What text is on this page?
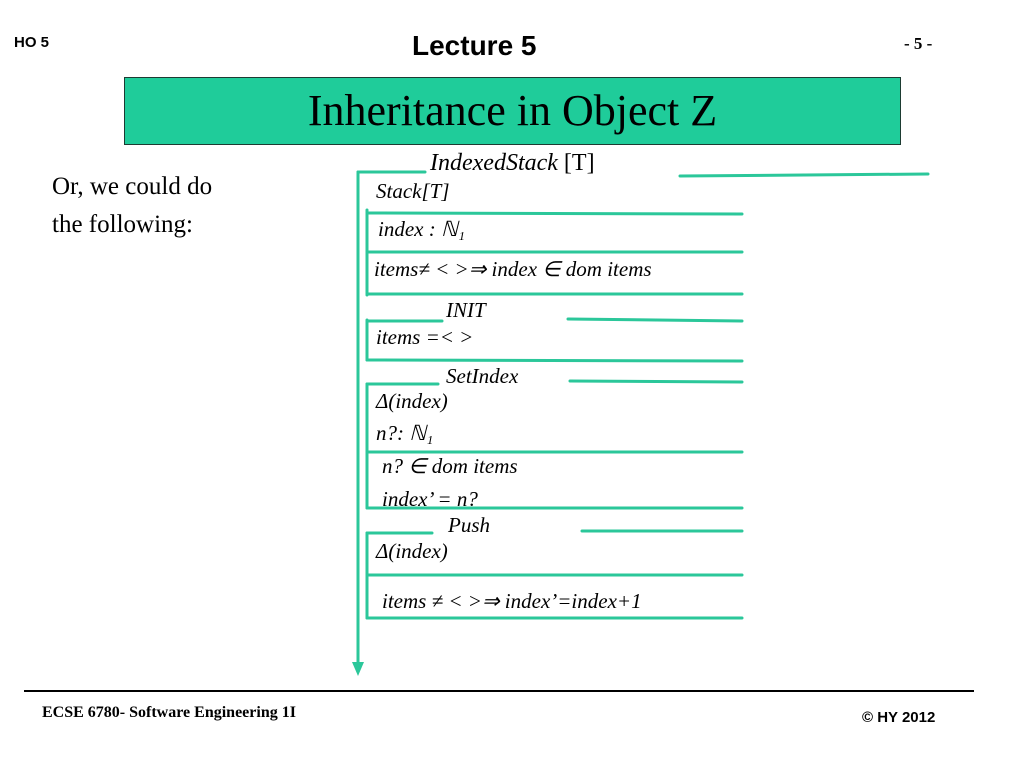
HO 5	Lecture 5	- 5 -
Inheritance in Object Z
Or, we could do
the following:
IndexedStack [T]
Stack[T]
index : ℕ₁
items≠ < >⇒ index ∈ dom items
INIT
items =< >
SetIndex
Δ(index)
n?: ℕ₁
n? ∈ dom items
index’ = n?
Push
Δ(index)
items ≠ < >⇒ index’=index+1
ECSE 6780- Software Engineering 1I	© HY 2012
